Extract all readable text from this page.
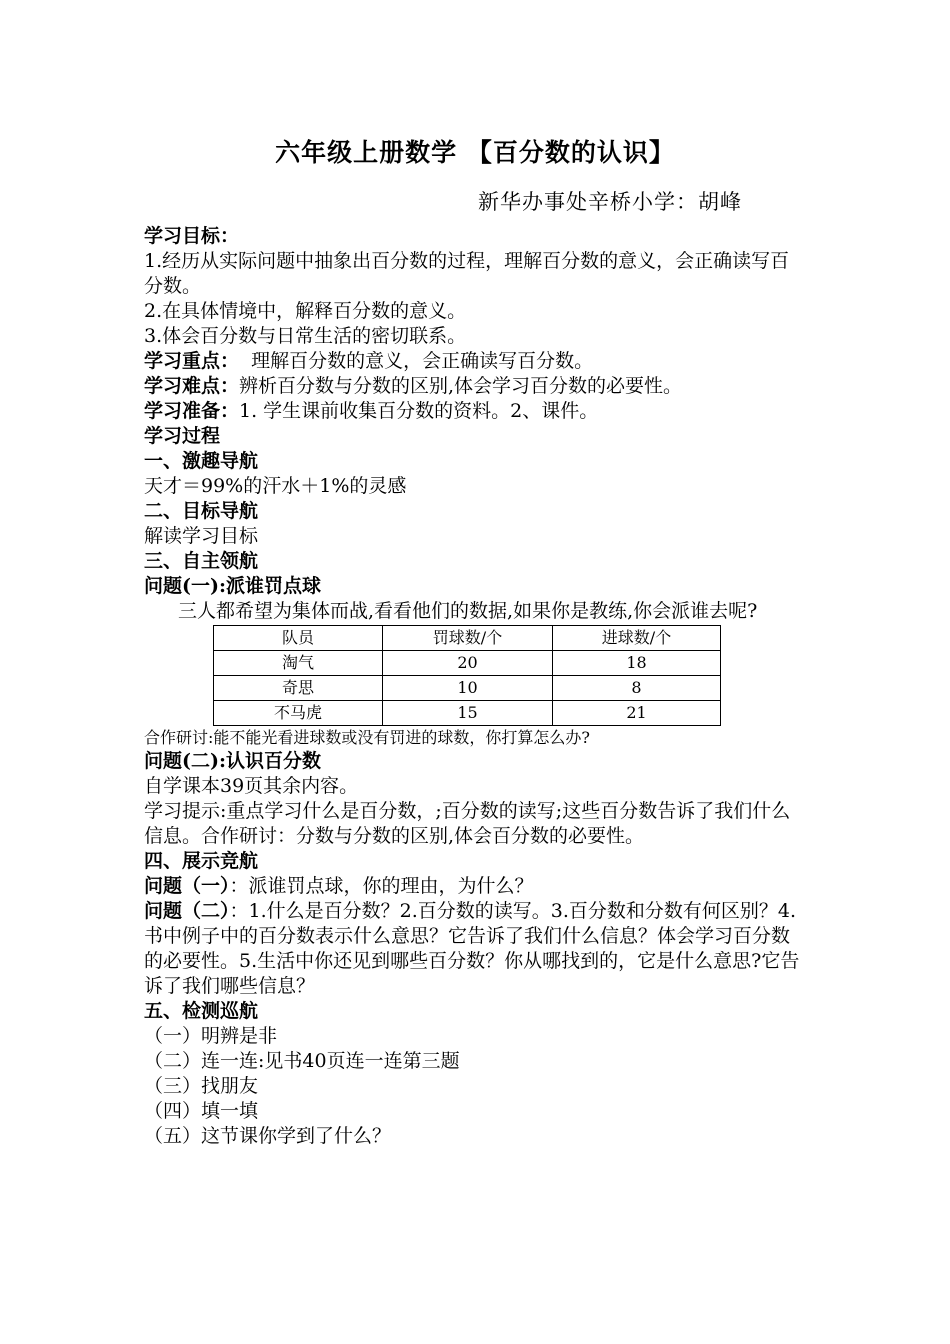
六年级上册数学 【百分数的认识】
新华办事处辛桥小学：胡峰

学习目标：

1.经历从实际问题中抽象出百分数的过程，理解百分数的意义，会正确读写百分数。

2.在具体情境中，解释百分数的意义。

3.体会百分数与日常生活的密切联系。

学习重点：  理解百分数的意义，会正确读写百分数。

学习难点：辨析百分数与分数的区别,体会学习百分数的必要性。

学习准备：1. 学生课前收集百分数的资料。2、课件。

学习过程

一、激趣导航

天才＝99%的汗水＋1%的灵感

二、目标导航

解读学习目标

三、自主领航

问题(一):派谁罚点球

三人都希望为集体而战,看看他们的数据,如果你是教练,你会派谁去呢?

队员	罚球数/个	进球数/个
淘气	20	18
奇思	10	8
不马虎	15	21

合作研讨:能不能光看进球数或没有罚进的球数，你打算怎么办?

问题(二):认识百分数

自学课本39页其余内容。

学习提示:重点学习什么是百分数，;百分数的读写;这些百分数告诉了我们什么信息。合作研讨：分数与分数的区别,体会百分数的必要性。

四、展示竞航

问题（一）：派谁罚点球，你的理由，为什么？

问题（二）：1.什么是百分数？2.百分数的读写。3.百分数和分数有何区别？4.书中例子中的百分数表示什么意思？它告诉了我们什么信息？体会学习百分数的必要性。5.生活中你还见到哪些百分数？你从哪找到的，它是什么意思?它告诉了我们哪些信息？

五、检测巡航

（一）明辨是非

（二）连一连:见书40页连一连第三题

（三）找朋友

（四）填一填

（五）这节课你学到了什么？
